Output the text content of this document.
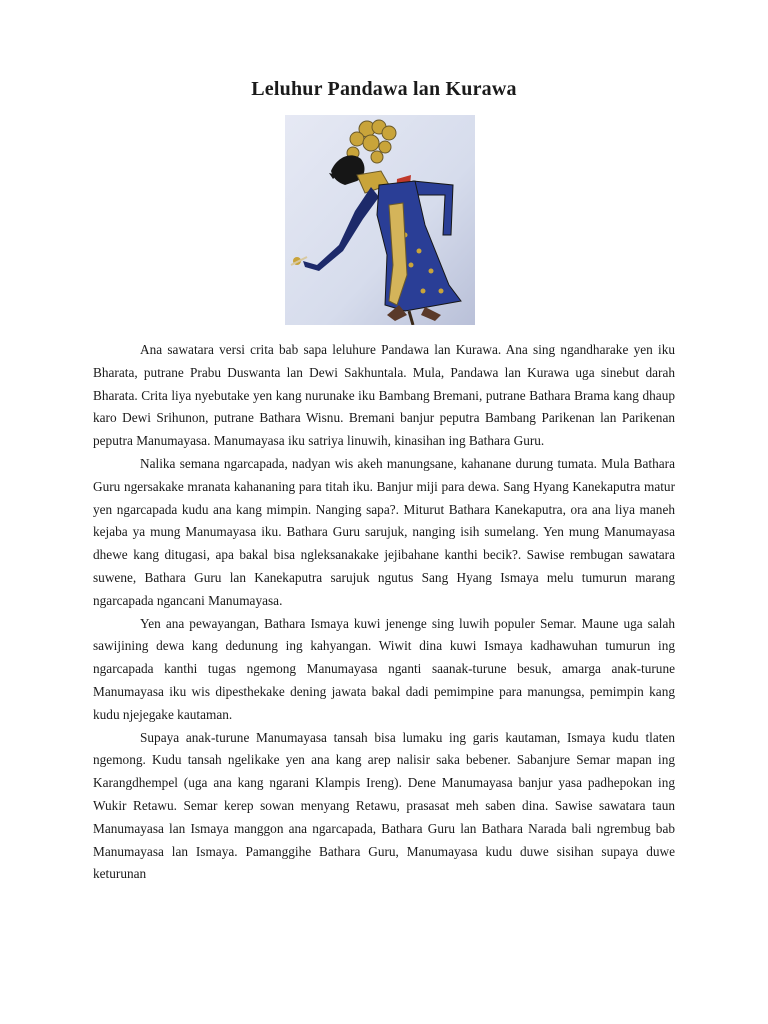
Leluhur Pandawa lan Kurawa

Ana sawatara versi crita bab sapa leluhure Pandawa lan Kurawa. Ana sing ngandharake yen iku Bharata, putrane Prabu Duswanta lan Dewi Sakhuntala. Mula, Pandawa lan Kurawa uga sinebut darah Bharata. Crita liya nyebutake yen kang nurunake iku Bambang Bremani, putrane Bathara Brama kang dhaup karo Dewi Srihunon, putrane Bathara Wisnu. Bremani banjur peputra Bambang Parikenan lan Parikenan peputra Manumayasa. Manumayasa iku satriya linuwih, kinasihan ing Bathara Guru.

Nalika semana ngarcapada, nadyan wis akeh manungsane, kahanane durung tumata. Mula Bathara Guru ngersakake mranata kahananing para titah iku. Banjur miji para dewa. Sang Hyang Kanekaputra matur yen ngarcapada kudu ana kang mimpin. Nanging sapa?. Miturut Bathara Kanekaputra, ora ana liya maneh kejaba ya mung Manumayasa iku. Bathara Guru sarujuk, nanging isih sumelang. Yen mung Manumayasa dhewe kang ditugasi, apa bakal bisa ngleksanakake jejibahane kanthi becik?. Sawise rembugan sawatara suwene, Bathara Guru lan Kanekaputra sarujuk ngutus Sang Hyang Ismaya melu tumurun marang ngarcapada ngancani Manumayasa.

Yen ana pewayangan, Bathara Ismaya kuwi jenenge sing luwih populer Semar. Maune uga salah sawijining dewa kang dedunung ing kahyangan. Wiwit dina kuwi Ismaya kadhawuhan tumurun ing ngarcapada kanthi tugas ngemong Manumayasa nganti saanak-turune besuk, amarga anak-turune Manumayasa iku wis dipesthekake dening jawata bakal dadi pemimpine para manungsa, pemimpin kang kudu njejegake kautaman.

Supaya anak-turune Manumayasa tansah bisa lumaku ing garis kautaman, Ismaya kudu tlaten ngemong. Kudu tansah ngelikake yen ana kang arep nalisir saka bebener. Sabanjure Semar mapan ing Karangdhempel (uga ana kang ngarani Klampis Ireng). Dene Manumayasa banjur yasa padhepokan ing Wukir Retawu. Semar kerep sowan menyang Retawu, prasasat meh saben dina. Sawise sawatara taun Manumayasa lan Ismaya manggon ana ngarcapada, Bathara Guru lan Bathara Narada bali ngrembug bab Manumayasa lan Ismaya. Pamanggihe Bathara Guru, Manumayasa kudu duwe sisihan supaya duwe keturunan
